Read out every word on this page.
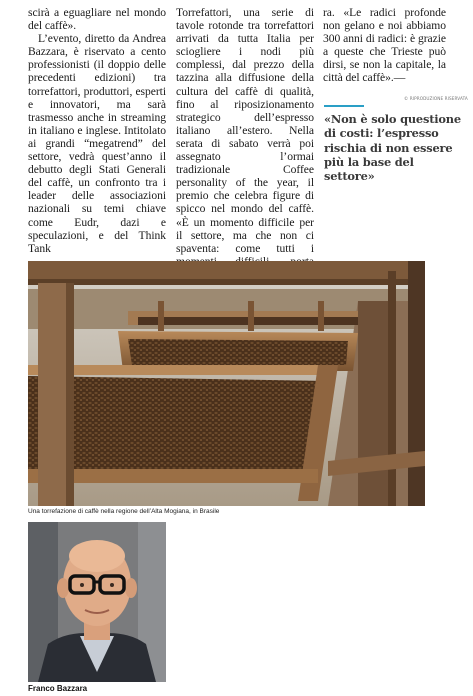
scirà a eguagliare nel mondo del caffè».

L’evento, diretto da Andrea Bazzara, è riservato a cento professionisti (il doppio delle precedenti edizioni) tra torrefattori, produttori, esperti e innovatori, ma sarà trasmesso anche in streaming in italiano e inglese. Intitolato ai grandi “megatrend” del settore, vedrà quest’anno il debutto degli Stati Generali del caffè, un confronto tra i leader delle associazioni nazionali su temi chiave come Eudr, dazi e speculazioni, e del Think Tank

Torrefattori, una serie di tavole rotonde tra torrefattori arrivati da tutta Italia per sciogliere i nodi più complessi, dal prezzo della tazzina alla diffusione della cultura del caffè di qualità, fino al riposizionamento strategico dell’espresso italiano all’estero. Nella serata di sabato verrà poi assegnato l’ormai tradizionale Coffee personality of the year, il premio che celebra figure di spicco nel mondo del caffè. «È un momento difficile per il settore, ma che non ci spaventa: come tutti i

ra. «Le radici profonde non gelano e noi abbiamo 300 anni di radici: è grazie a queste che Trieste può dirsi, se non la capitale, la città del caffè».—

© RIPRODUZIONE RISERVATA
«Non è solo questione di costi: l’espresso rischia di non essere più la base del settore»
Una torrefazione di caffè nella regione dell’Alta Mogiana, in Brasile
Franco Bazzara
